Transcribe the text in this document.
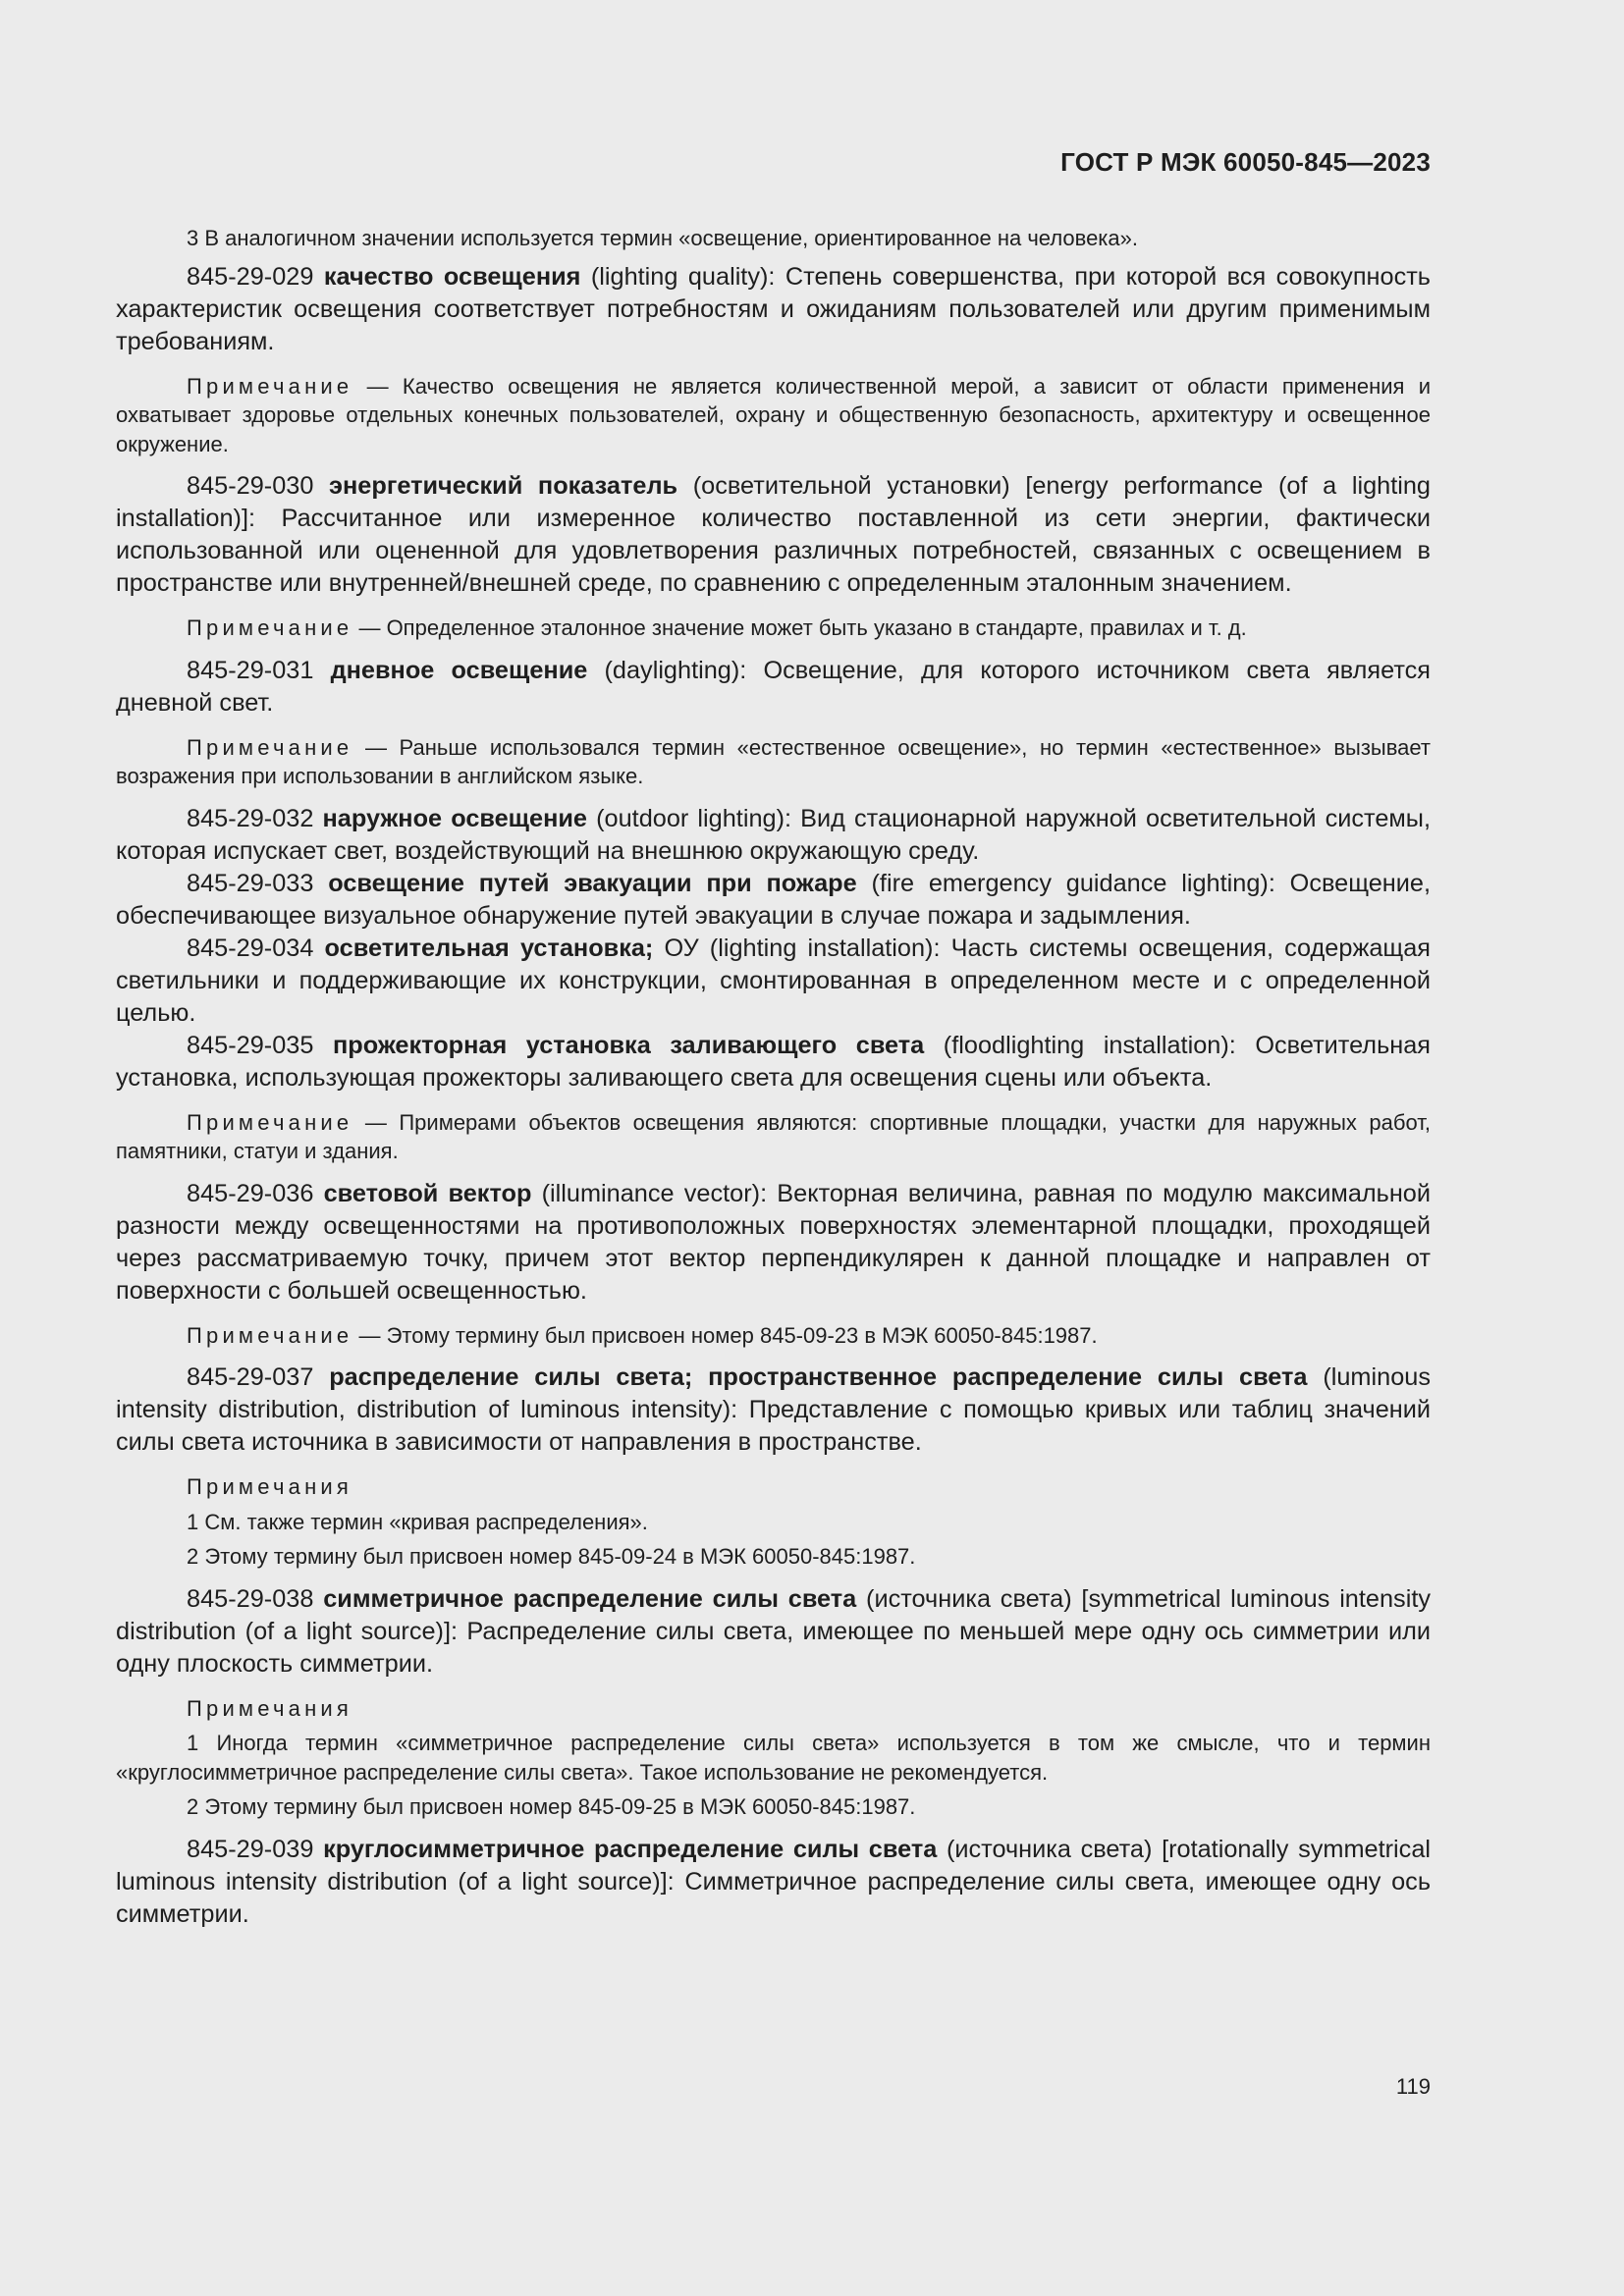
ГОСТ Р МЭК 60050-845—2023

3 В аналогичном значении используется термин «освещение, ориентированное на человека».

845-29-029 качество освещения (lighting quality): Степень совершенства, при которой вся совокупность характеристик освещения соответствует потребностям и ожиданиям пользователей или другим применимым требованиям.

Примечание — Качество освещения не является количественной мерой, а зависит от области применения и охватывает здоровье отдельных конечных пользователей, охрану и общественную безопасность, архитектуру и освещенное окружение.

845-29-030 энергетический показатель (осветительной установки) [energy performance (of a lighting installation)]: Рассчитанное или измеренное количество поставленной из сети энергии, фактически использованной или оцененной для удовлетворения различных потребностей, связанных с освещением в пространстве или внутренней/внешней среде, по сравнению с определенным эталонным значением.

Примечание — Определенное эталонное значение может быть указано в стандарте, правилах и т. д.

845-29-031 дневное освещение (daylighting): Освещение, для которого источником света является дневной свет.

Примечание — Раньше использовался термин «естественное освещение», но термин «естественное» вызывает возражения при использовании в английском языке.

845-29-032 наружное освещение (outdoor lighting): Вид стационарной наружной осветительной системы, которая испускает свет, воздействующий на внешнюю окружающую среду.

845-29-033 освещение путей эвакуации при пожаре (fire emergency guidance lighting): Освещение, обеспечивающее визуальное обнаружение путей эвакуации в случае пожара и задымления.

845-29-034 осветительная установка; ОУ (lighting installation): Часть системы освещения, содержащая светильники и поддерживающие их конструкции, смонтированная в определенном месте и с определенной целью.

845-29-035 прожекторная установка заливающего света (floodlighting installation): Осветительная установка, использующая прожекторы заливающего света для освещения сцены или объекта.

Примечание — Примерами объектов освещения являются: спортивные площадки, участки для наружных работ, памятники, статуи и здания.

845-29-036 световой вектор (illuminance vector): Векторная величина, равная по модулю максимальной разности между освещенностями на противоположных поверхностях элементарной площадки, проходящей через рассматриваемую точку, причем этот вектор перпендикулярен к данной площадке и направлен от поверхности с большей освещенностью.

Примечание — Этому термину был присвоен номер 845-09-23 в МЭК 60050-845:1987.

845-29-037 распределение силы света; пространственное распределение силы света (luminous intensity distribution, distribution of luminous intensity): Представление с помощью кривых или таблиц значений силы света источника в зависимости от направления в пространстве.

Примечания

1 См. также термин «кривая распределения».

2 Этому термину был присвоен номер 845-09-24 в МЭК 60050-845:1987.

845-29-038 симметричное распределение силы света (источника света) [symmetrical luminous intensity distribution (of a light source)]: Распределение силы света, имеющее по меньшей мере одну ось симметрии или одну плоскость симметрии.

Примечания

1 Иногда термин «симметричное распределение силы света» используется в том же смысле, что и термин «круглосимметричное распределение силы света». Такое использование не рекомендуется.

2 Этому термину был присвоен номер 845-09-25 в МЭК 60050-845:1987.

845-29-039 круглосимметричное распределение силы света (источника света) [rotationally symmetrical luminous intensity distribution (of a light source)]: Симметричное распределение силы света, имеющее одну ось симметрии.

119
